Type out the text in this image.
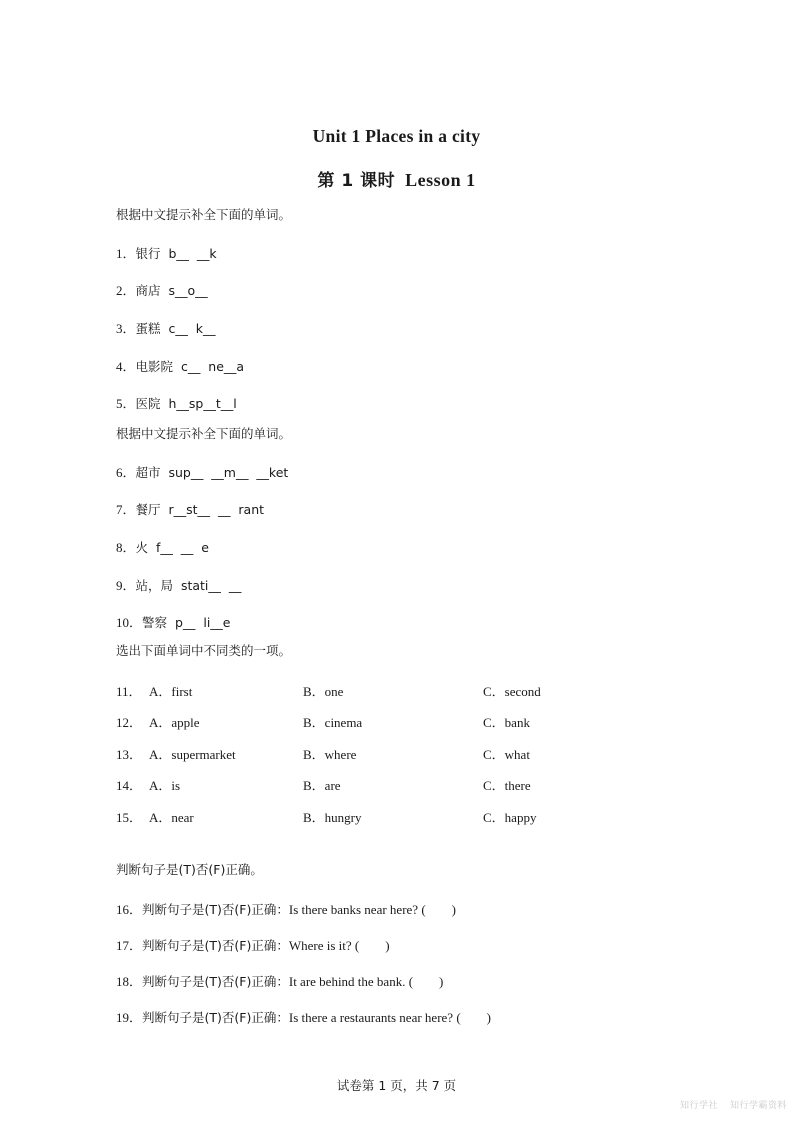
Unit 1 Places in a city
第 1 课时 Lesson 1
根据中文提示补全下面的单词。
1．银行  b__  __k
2．商店  s__o__
3．蛋糕  c__  k__
4．电影院  c__  ne__a
5．医院  h__sp__t__l
根据中文提示补全下面的单词。
6．超市  sup__  __m__  __ket
7．餐厅  r__st__  __  rant
8．火  f__  __  e
9．站，局  stati__  __
10．警察  p__  li__e
选出下面单词中不同类的一项。

11．

A．first

	B．one

	C．second

12．

A．apple

	B．cinema

	C．bank

13．

A．supermarket

	B．where

	C．what

14．

A．is

	B．are

	C．there

15．

A．near

	B．hungry

	C．happy

判断句子是(T)否(F)正确。
16．判断句子是(T)否(F)正确：Is there banks near here? (        )
17．判断句子是(T)否(F)正确：Where is it? (        )
18．判断句子是(T)否(F)正确：It are behind the bank. (        )
19．判断句子是(T)否(F)正确：Is there a restaurants near here? (        )
试卷第 1 页，共 7 页
知行学社 知行学霸资料
